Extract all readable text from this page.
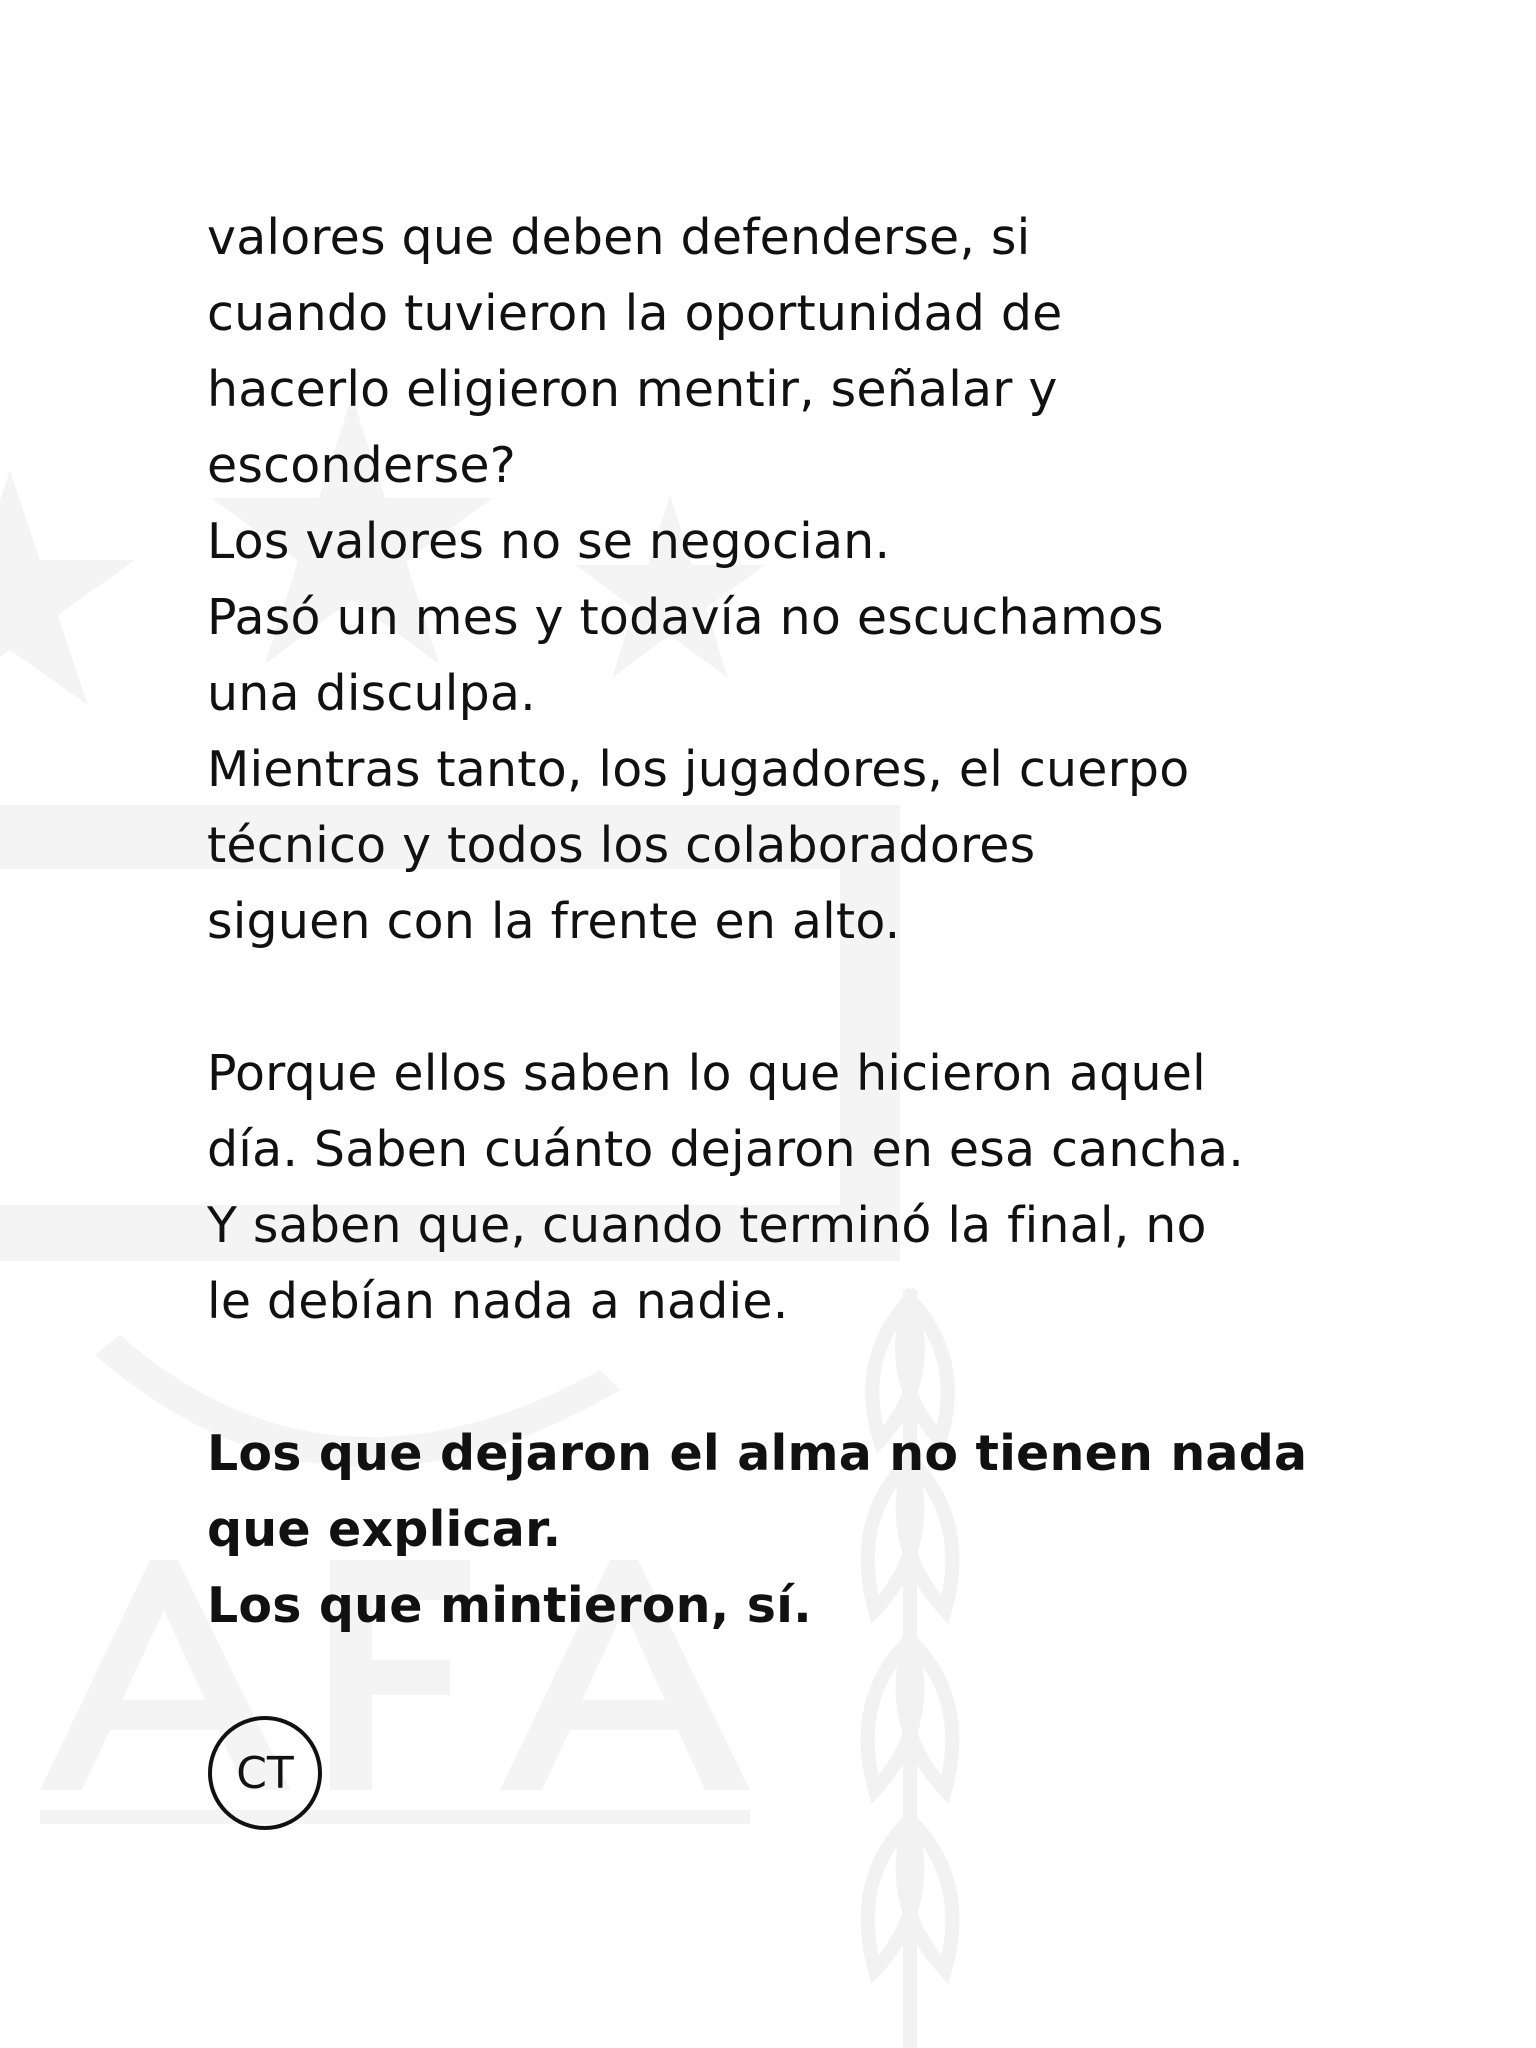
valores que deben defenderse, si
cuando tuvieron la oportunidad de
hacerlo eligieron mentir, señalar y
esconderse?
Los valores no se negocian.
Pasó un mes y todavía no escuchamos
una disculpa.
Mientras tanto, los jugadores, el cuerpo
técnico y todos los colaboradores
siguen con la frente en alto.
Porque ellos saben lo que hicieron aquel
día. Saben cuánto dejaron en esa cancha.
Y saben que, cuando terminó la final, no
le debían nada a nadie.
Los que dejaron el alma no tienen nada
que explicar.
Los que mintieron, sí.
CT
